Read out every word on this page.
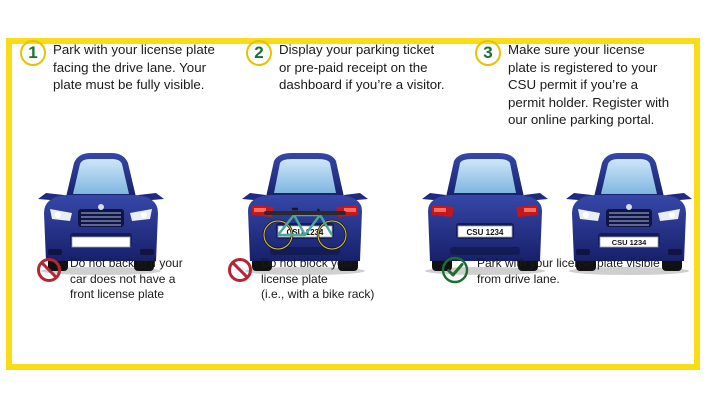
1	Park with your license plate
facing the drive lane. Your
plate must be fully visible.
2	Display your parking ticket
or pre-paid receipt on the
dashboard if you’re a visitor.
3	Make sure your license
plate is registered to your
CSU permit if you’re a
permit holder. Register with
our online parking portal.
CSU 1234	CSU 1234
CSU 1234
Do not back in if your
car does not have a
front license plate
Do not block your
license plate
(i.e., with a bike rack)
Park with your license plate visible
from drive lane.
